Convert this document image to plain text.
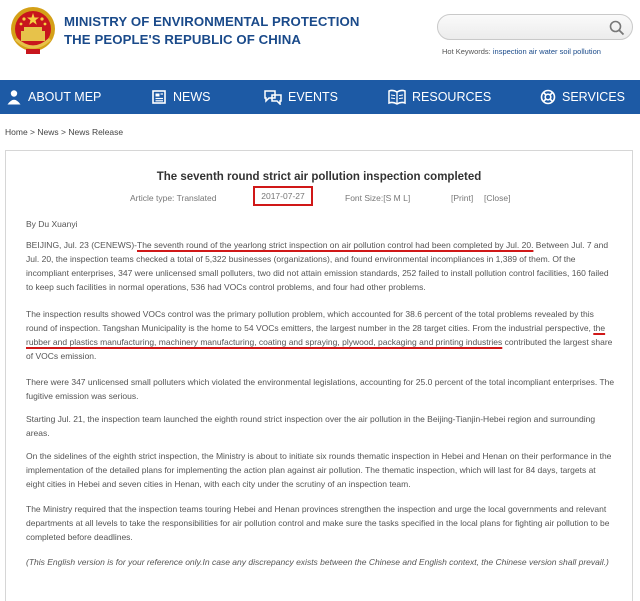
MINISTRY OF ENVIRONMENTAL PROTECTION
THE PEOPLE'S REPUBLIC OF CHINA
Hot Keywords: inspection air water soil pollution
ABOUT MEP	NEWS	EVENTS	RESOURCES	SERVICES
Home > News > News Release
The seventh round strict air pollution inspection completed
Article type: Translated	2017-07-27	Font Size:[S M L]	[Print] [Close]
By Du Xuanyi
BEIJING, Jul. 23 (CENEWS)-The seventh round of the yearlong strict inspection on air pollution control had been completed by Jul. 20. Between Jul. 7 and Jul. 20, the inspection teams checked a total of 5,322 businesses (organizations), and found environmental incompliances in 1,389 of them. Of the incompliant enterprises, 347 were unlicensed small polluters, two did not attain emission standards, 252 failed to install pollution control facilities, 160 failed to keep such facilities in normal operations, 536 had VOCs control problems, and four had other problems.
The inspection results showed VOCs control was the primary pollution problem, which accounted for 38.6 percent of the total problems revealed by this round of inspection. Tangshan Municipality is the home to 54 VOCs emitters, the largest number in the 28 target cities. From the industrial perspective, the rubber and plastics manufacturing, machinery manufacturing, coating and spraying, plywood, packaging and printing industries contributed the largest share of VOCs emission.
There were 347 unlicensed small polluters which violated the environmental legislations, accounting for 25.0 percent of the total incompliant enterprises. The fugitive emission was serious.
Starting Jul. 21, the inspection team launched the eighth round strict inspection over the air pollution in the Beijing-Tianjin-Hebei region and surrounding areas.
On the sidelines of the eighth strict inspection, the Ministry is about to initiate six rounds thematic inspection in Hebei and Henan on their performance in the implementation of the detailed plans for implementing the action plan against air pollution. The thematic inspection, which will last for 84 days, targets at eight cities in Hebei and seven cities in Henan, with each city under the scrutiny of an inspection team.
The Ministry required that the inspection teams touring Hebei and Henan provinces strengthen the inspection and urge the local governments and relevant departments at all levels to take the responsibilities for air pollution control and make sure the tasks specified in the local plans for fighting air pollution to be completed before deadlines.
(This English version is for your reference only.In case any discrepancy exists between the Chinese and English context, the Chinese version shall prevail.)
